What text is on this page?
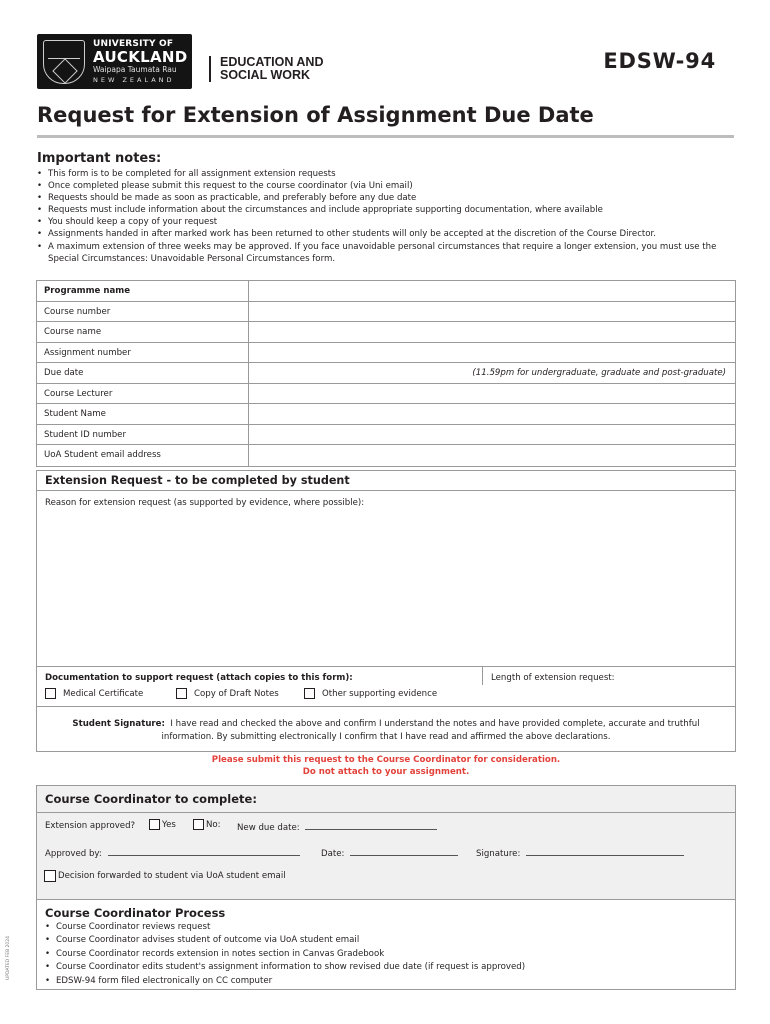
UNIVERSITY OF
AUCKLAND
Waipapa Taumata Rau
NEW ZEALAND
EDUCATION AND
SOCIAL WORK
EDSW-94
Request for Extension of Assignment Due Date
Important notes:
• This form is to be completed for all assignment extension requests
• Once completed please submit this request to the course coordinator (via Uni email)
• Requests should be made as soon as practicable, and preferably before any due date
• Requests must include information about the circumstances and include appropriate supporting documentation, where available
• You should keep a copy of your request
• Assignments handed in after marked work has been returned to other students will only be accepted at the discretion of the Course Director.
• A maximum extension of three weeks may be approved. If you face unavoidable personal circumstances that require a longer extension, you must use the Special Circumstances: Unavoidable Personal Circumstances form.
Programme name
Course number
Course name
Assignment number
Due date	(11.59pm for undergraduate, graduate and post-graduate)
Course Lecturer
Student Name
Student ID number
UoA Student email address
Extension Request - to be completed by student
Reason for extension request (as supported by evidence, where possible):
Documentation to support request (attach copies to this form):	Length of extension request:
Medical Certificate	Copy of Draft Notes	Other supporting evidence
Student Signature: I have read and checked the above and confirm I understand the notes and have provided complete, accurate and truthful
information. By submitting electronically I confirm that I have read and affirmed the above declarations.
Please submit this request to the Course Coordinator for consideration.
Do not attach to your assignment.
Course Coordinator to complete:
Extension approved?	Yes	No: New due date:
Approved by:	Date:	Signature:
Decision forwarded to student via UoA student email
Course Coordinator Process
• Course Coordinator reviews request
• Course Coordinator advises student of outcome via UoA student email
• Course Coordinator records extension in notes section in Canvas Gradebook
• Course Coordinator edits student's assignment information to show revised due date (if request is approved)
• EDSW-94 form filed electronically on CC computer
UPDATED FEB 2024
